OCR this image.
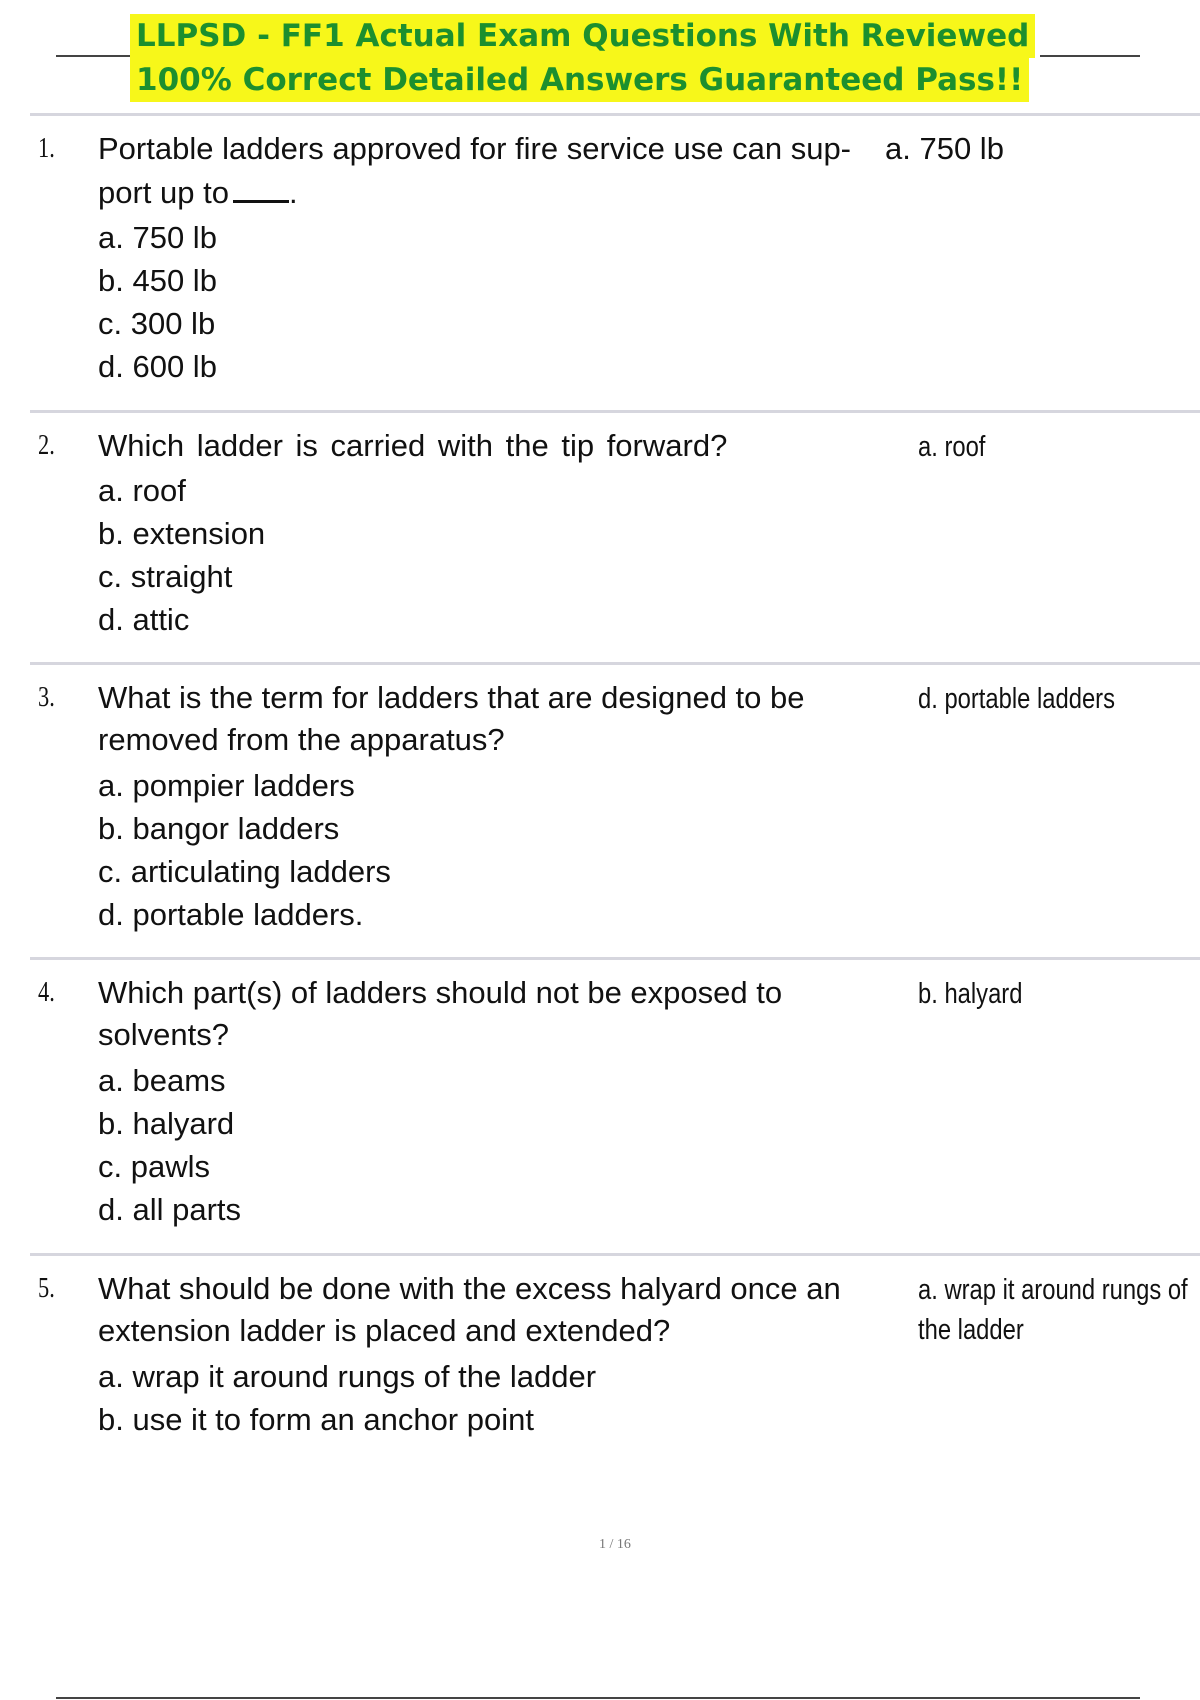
LLPSD - FF1 Actual Exam Questions With Reviewed
100% Correct Detailed Answers Guaranteed Pass!!
1. Portable ladders approved for fire service use can sup-
port up to .
a. 750 lb
a. 750 lb
b. 450 lb
c. 300 lb
d. 600 lb
2. Which ladder is carried with the tip forward?	a. roof
a. roof
b. extension
c. straight
d. attic
3. What is the term for ladders that are designed to be removed from the apparatus?
d. portable ladders
a. pompier ladders
b. bangor ladders
c. articulating ladders
d. portable ladders.
4. Which part(s) of ladders should not be exposed to solvents?
b. halyard
a. beams
b. halyard
c. pawls
d. all parts
5. What should be done with the excess halyard once an extension ladder is placed and extended?
a. wrap it around rungs of the ladder
a. wrap it around rungs of the ladder
b. use it to form an anchor point
1 / 16
